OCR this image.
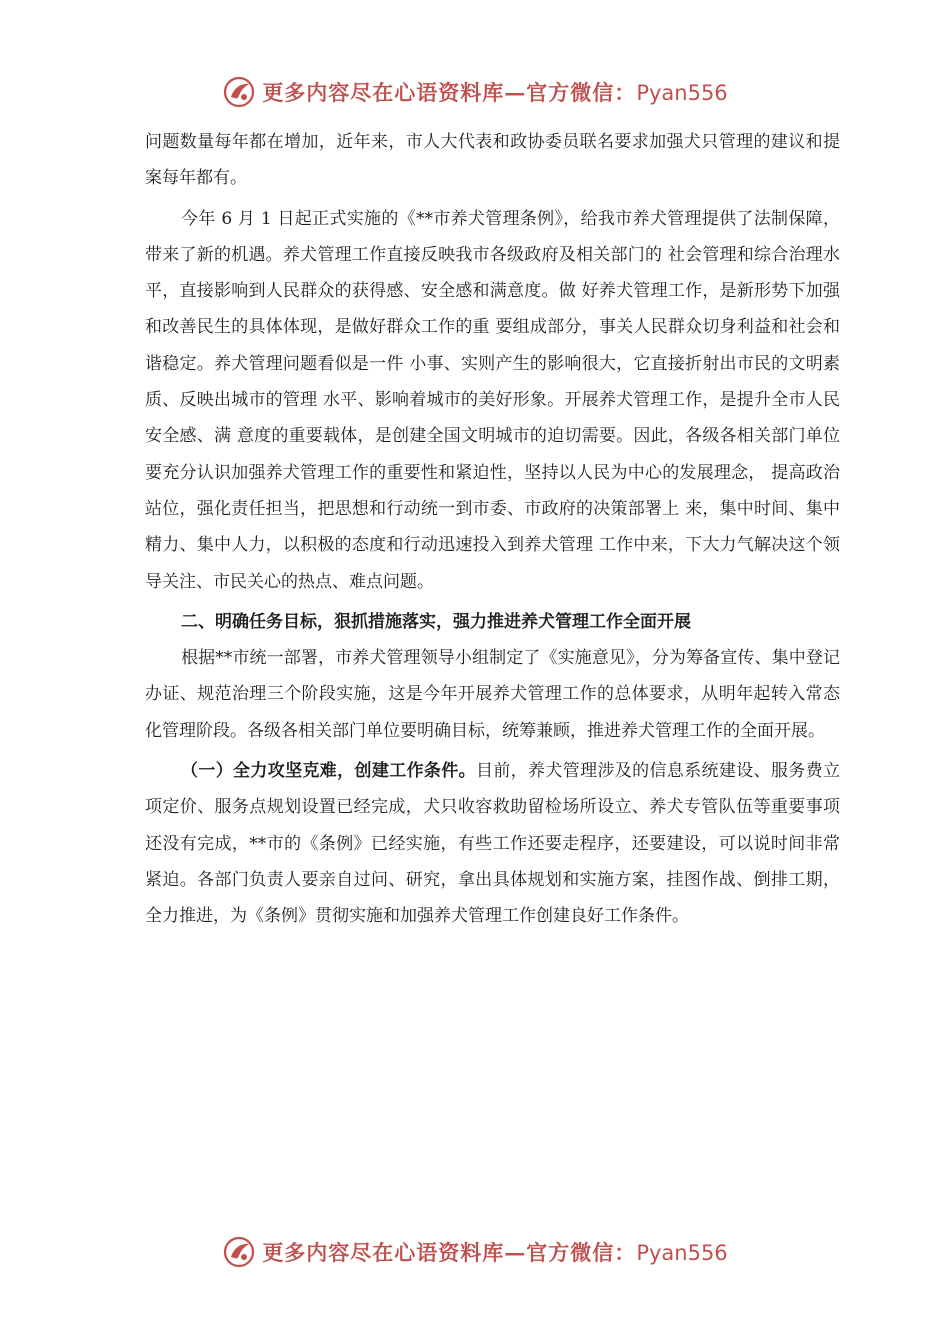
更多内容尽在心语资料库—官方微信：Pyan556

问题数量每年都在增加，近年来，市人大代表和政协委员联名要求加强犬只管理的建议和提案每年都有。

今年 6 月 1 日起正式实施的《**市养犬管理条例》，给我市养犬管理提供了法制保障，带来了新的机遇。养犬管理工作直接反映我市各级政府及相关部门的 社会管理和综合治理水平，直接影响到人民群众的获得感、安全感和满意度。做 好养犬管理工作，是新形势下加强和改善民生的具体体现，是做好群众工作的重 要组成部分，事关人民群众切身利益和社会和谐稳定。养犬管理问题看似是一件 小事、实则产生的影响很大，它直接折射出市民的文明素质、反映出城市的管理 水平、影响着城市的美好形象。开展养犬管理工作，是提升全市人民安全感、满 意度的重要载体，是创建全国文明城市的迫切需要。因此，各级各相关部门单位 要充分认识加强养犬管理工作的重要性和紧迫性，坚持以人民为中心的发展理念， 提高政治站位，强化责任担当，把思想和行动统一到市委、市政府的决策部署上 来，集中时间、集中精力、集中人力，以积极的态度和行动迅速投入到养犬管理 工作中来，下大力气解决这个领导关注、市民关心的热点、难点问题。

二、明确任务目标，狠抓措施落实，强力推进养犬管理工作全面开展

根据**市统一部署，市养犬管理领导小组制定了《实施意见》，分为筹备宣传、集中登记办证、规范治理三个阶段实施，这是今年开展养犬管理工作的总体要求，从明年起转入常态化管理阶段。各级各相关部门单位要明确目标，统筹兼顾，推进养犬管理工作的全面开展。

（一）全力攻坚克难，创建工作条件。目前，养犬管理涉及的信息系统建设、服务费立项定价、服务点规划设置已经完成，犬只收容救助留检场所设立、养犬专管队伍等重要事项还没有完成，**市的《条例》已经实施，有些工作还要走程序，还要建设，可以说时间非常紧迫。各部门负责人要亲自过问、研究，拿出具体规划和实施方案，挂图作战、倒排工期，全力推进，为《条例》贯彻实施和加强养犬管理工作创建良好工作条件。

更多内容尽在心语资料库—官方微信：Pyan556
